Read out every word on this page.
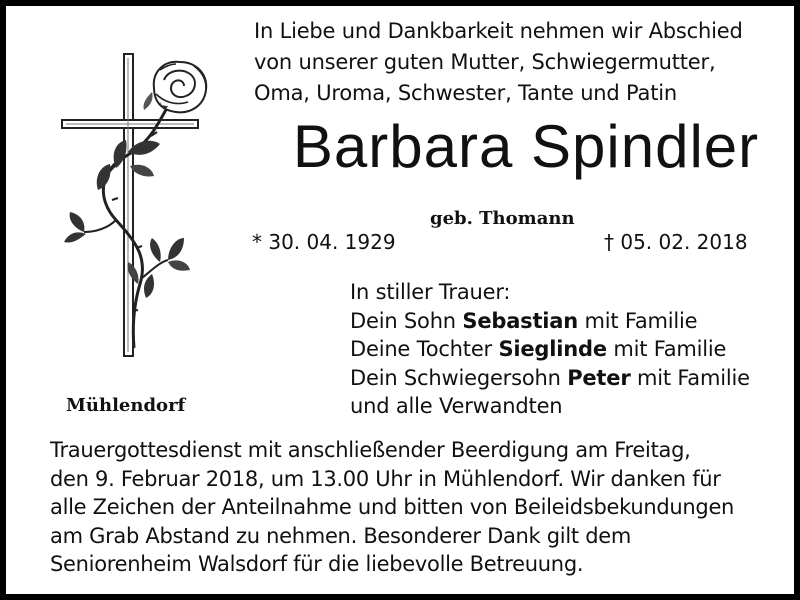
In Liebe und Dankbarkeit nehmen wir Abschied
von unserer guten Mutter, Schwiegermutter,
Oma, Uroma, Schwester, Tante und Patin
Barbara Spindler
geb. Thomann
* 30. 04. 1929	† 05. 02. 2018
In stiller Trauer:
Dein Sohn Sebastian mit Familie
Deine Tochter Sieglinde mit Familie
Dein Schwiegersohn Peter mit Familie
und alle Verwandten
Mühlendorf
Trauergottesdienst mit anschließender Beerdigung am Freitag,
den 9. Februar 2018, um 13.00 Uhr in Mühlendorf. Wir danken für
alle Zeichen der Anteilnahme und bitten von Beileidsbekundungen
am Grab Abstand zu nehmen. Besonderer Dank gilt dem
Seniorenheim Walsdorf für die liebevolle Betreuung.
